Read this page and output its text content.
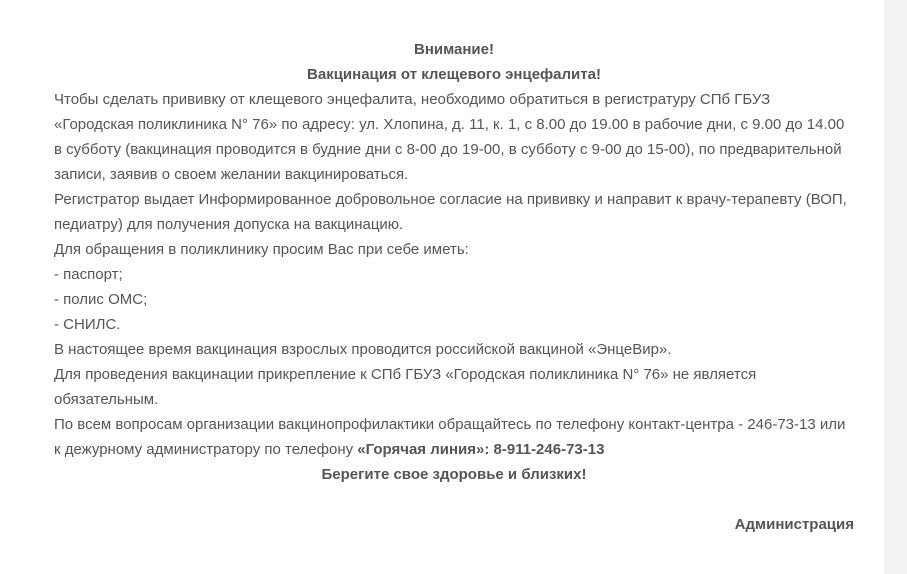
Внимание!

Вакцинация от клещевого энцефалита!

Чтобы сделать прививку от клещевого энцефалита, необходимо обратиться в регистратуру СПб ГБУЗ «Городская поликлиника N° 76» по адресу: ул. Хлопина, д. 11, к. 1, с 8.00 до 19.00 в рабочие дни, с 9.00 до 14.00 в субботу (вакцинация проводится в будние дни с 8-00 до 19-00, в субботу с 9-00 до 15-00), по предварительной записи, заявив о своем желании вакцинироваться.

Регистратор выдает Информированное добровольное согласие на прививку и направит к врачу-терапевту (ВОП, педиатру) для получения допуска на вакцинацию.

Для обращения в поликлинику просим Вас при себе иметь:

- паспорт;

- полис ОМС;

- СНИЛС.

В настоящее время вакцинация взрослых проводится российской вакциной «ЭнцеВир».

Для проведения вакцинации прикрепление к СПб ГБУЗ «Городская поликлиника N° 76» не является обязательным.

По всем вопросам организации вакцинопрофилактики обращайтесь по телефону контакт-центра - 246-73-13 или к дежурному администратору по телефону «Горячая линия»: 8-911-246-73-13

Берегите свое здоровье и близких!

Администрация
